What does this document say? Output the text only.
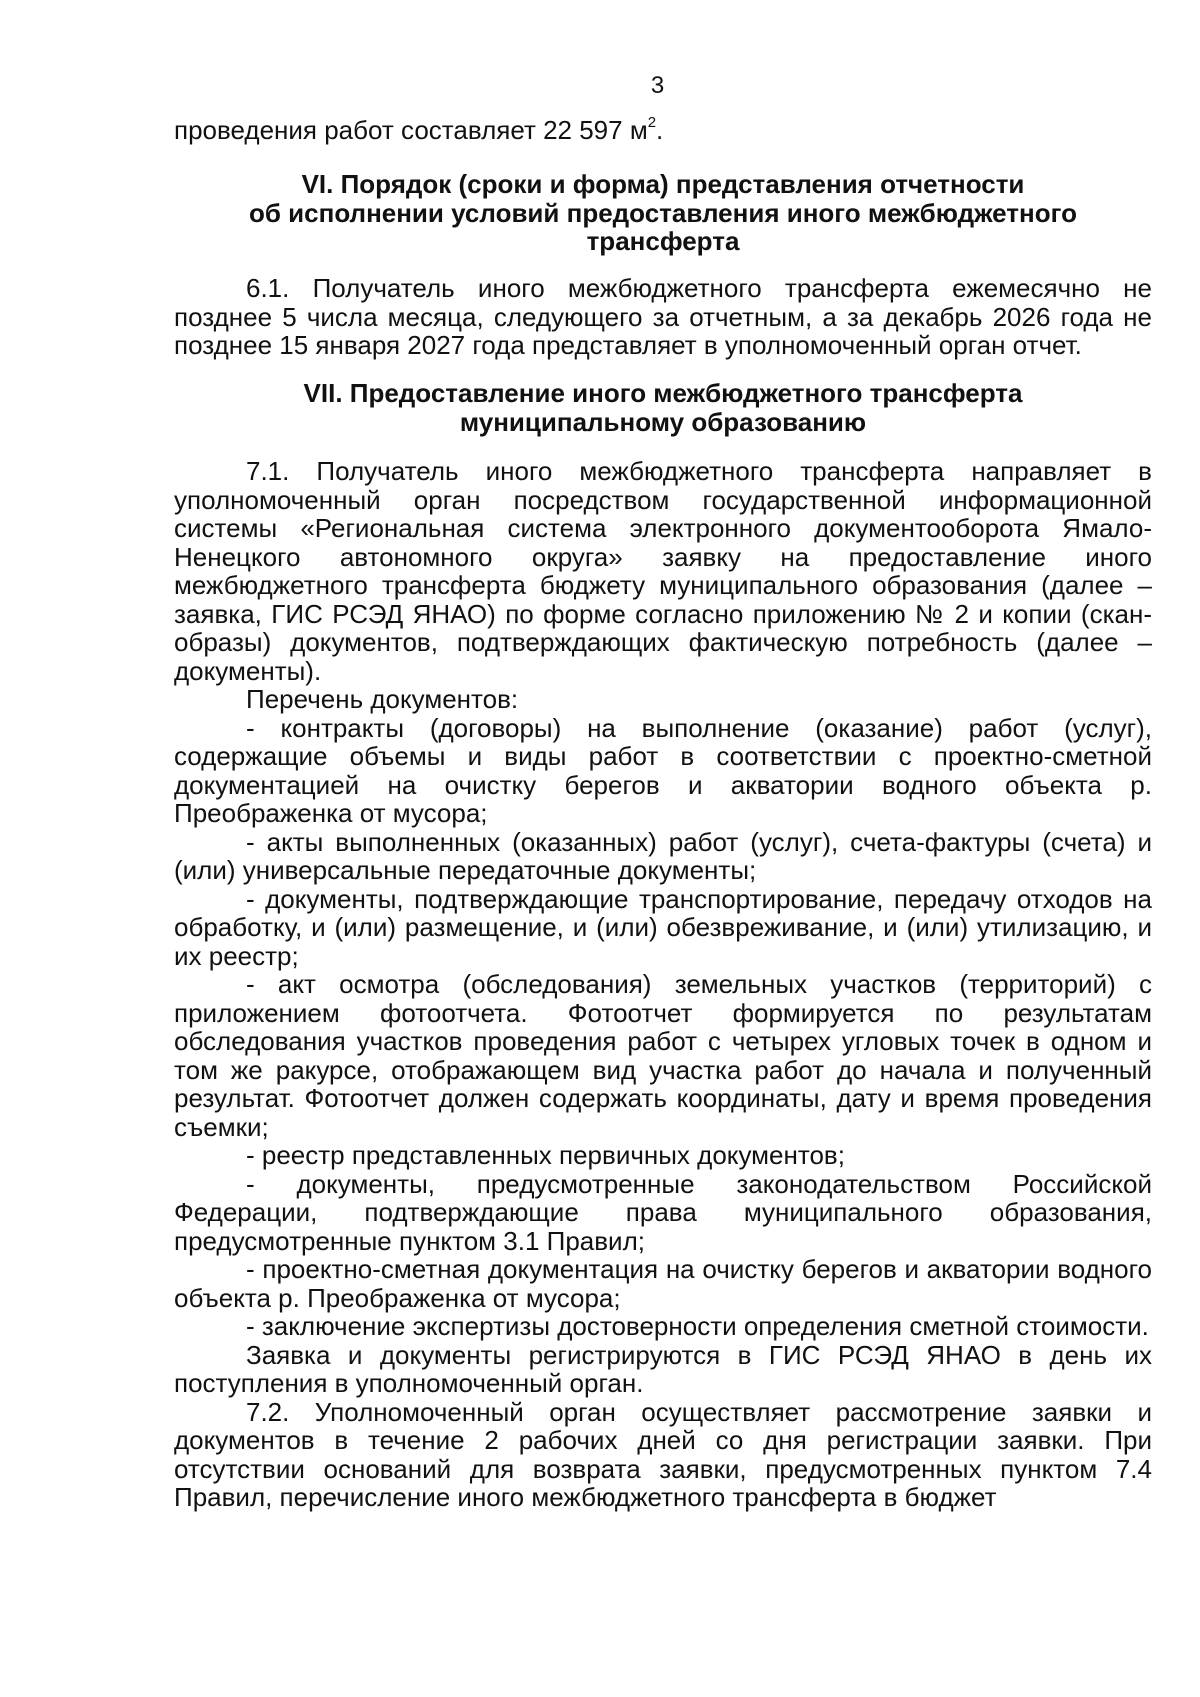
3

проведения работ составляет 22 597 $м^2$.

VI. Порядок (сроки и форма) представления отчетности
об исполнении условий предоставления иного межбюджетного
трансферта

6.1. Получатель иного межбюджетного трансферта ежемесячно не позднее 5 числа месяца, следующего за отчетным, а за декабрь 2026 года не позднее 15 января 2027 года представляет в уполномоченный орган отчет.

VII. Предоставление иного межбюджетного трансферта
муниципальному образованию

7.1. Получатель иного межбюджетного трансферта направляет в уполномоченный орган посредством государственной информационной системы «Региональная система электронного документооборота Ямало-Ненецкого автономного округа» заявку на предоставление иного межбюджетного трансферта бюджету муниципального образования (далее – заявка, ГИС РСЭД ЯНАО) по форме согласно приложению № 2 и копии (скан-образы) документов, подтверждающих фактическую потребность (далее – документы).

Перечень документов:

- контракты (договоры) на выполнение (оказание) работ (услуг), содержащие объемы и виды работ в соответствии с проектно-сметной документацией на очистку берегов и акватории водного объекта р. Преображенка от мусора;

- акты выполненных (оказанных) работ (услуг), счета-фактуры (счета) и (или) универсальные передаточные документы;

- документы, подтверждающие транспортирование, передачу отходов на обработку, и (или) размещение, и (или) обезвреживание, и (или) утилизацию, и их реестр;

- акт осмотра (обследования) земельных участков (территорий) с приложением фотоотчета. Фотоотчет формируется по результатам обследования участков проведения работ с четырех угловых точек в одном и том же ракурсе, отображающем вид участка работ до начала и полученный результат. Фотоотчет должен содержать координаты, дату и время проведения съемки;

- реестр представленных первичных документов;

- документы, предусмотренные законодательством Российской Федерации, подтверждающие права муниципального образования, предусмотренные пунктом 3.1 Правил;

- проектно-сметная документация на очистку берегов и акватории водного объекта р. Преображенка от мусора;

- заключение экспертизы достоверности определения сметной стоимости.

Заявка и документы регистрируются в ГИС РСЭД ЯНАО в день их поступления в уполномоченный орган.

7.2. Уполномоченный орган осуществляет рассмотрение заявки и документов в течение 2 рабочих дней со дня регистрации заявки. При отсутствии оснований для возврата заявки, предусмотренных пунктом 7.4 Правил, перечисление иного межбюджетного трансферта в бюджет
